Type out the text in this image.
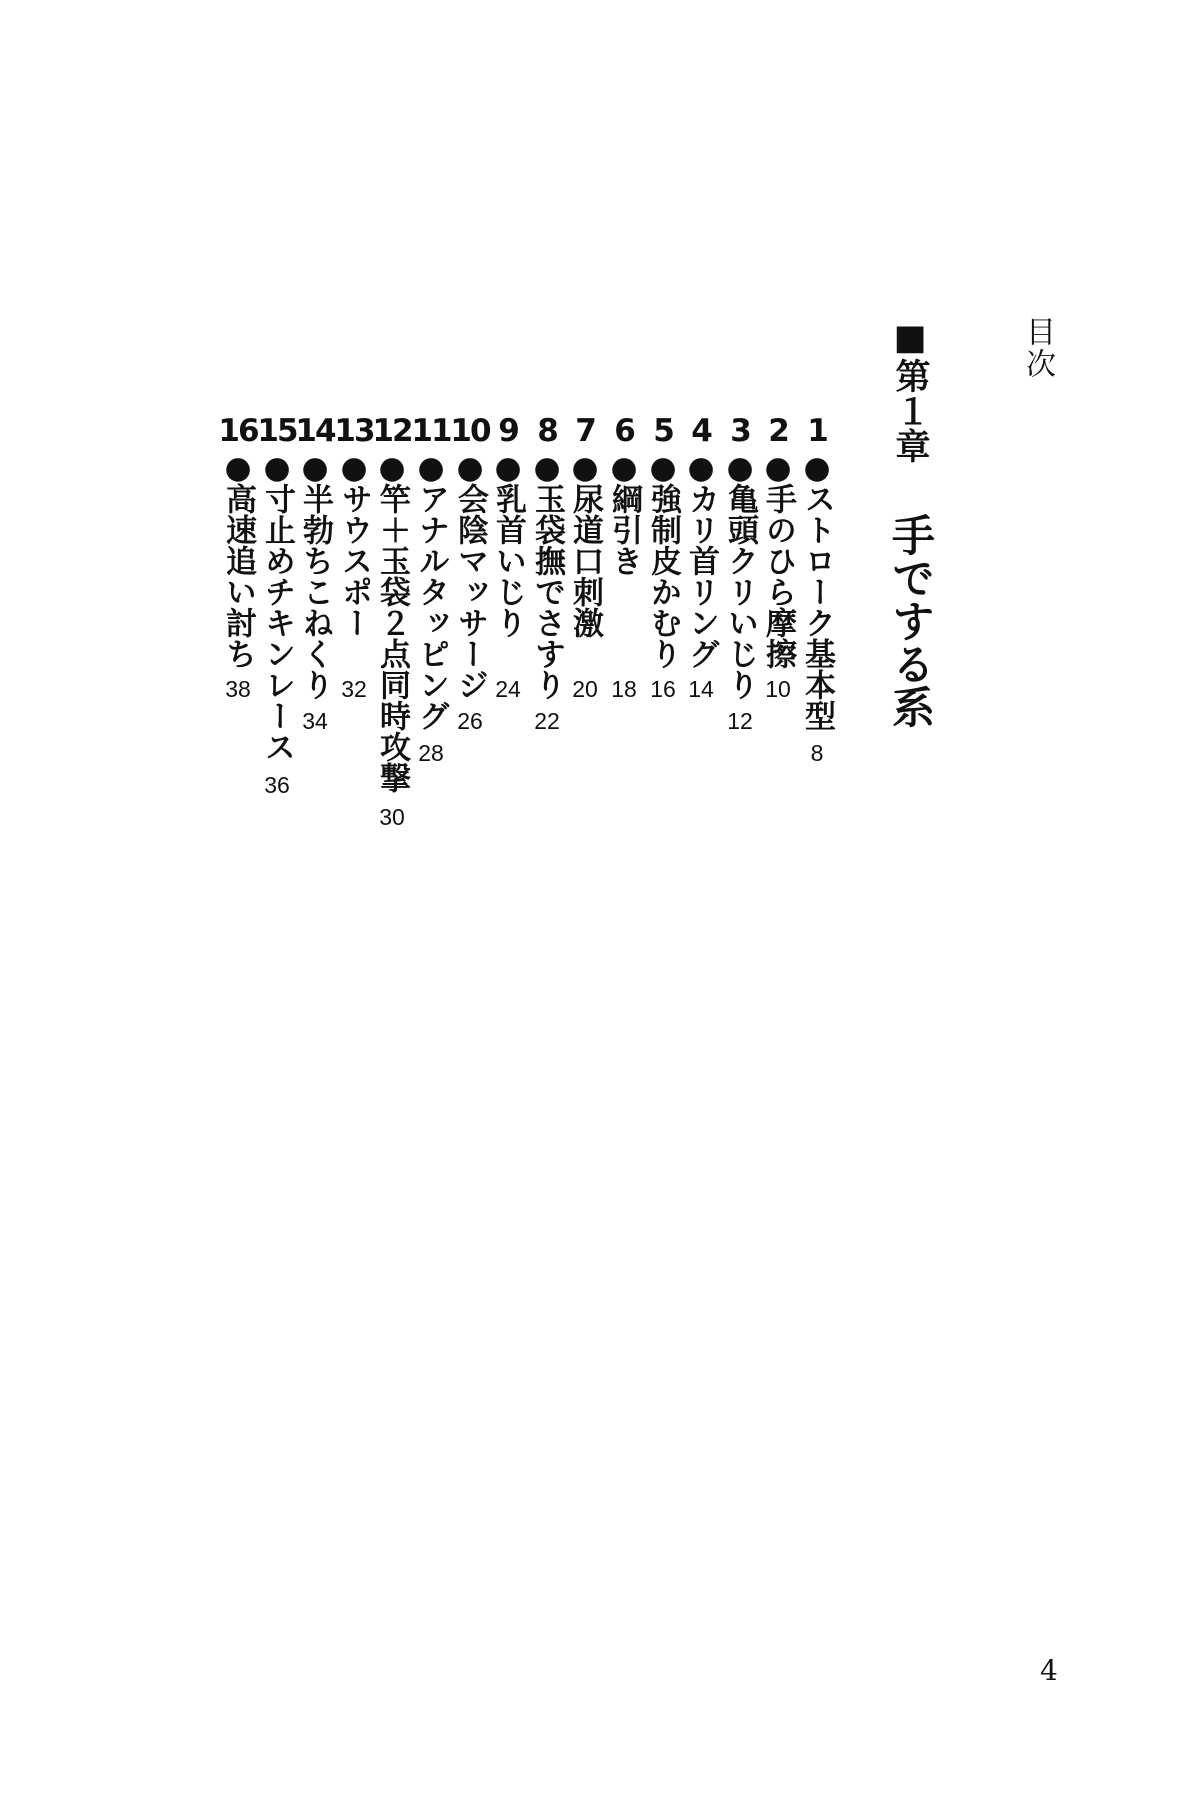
目次
■第１章手でする系
1
●ストローク基本型
8
2
●手のひら摩擦
10
3
●亀頭クリいじり
12
4
●カリ首リング
14
5
●強制皮かむり
16
6
●綱引き
18
7
●尿道口刺激
20
8
●玉袋撫でさすり
22
9
●乳首いじり
24
10
●会陰マッサージ
26
11
●アナルタッピング
28
12
●竿＋玉袋２点同時攻撃
30
13
●サウスポー
32
14
●半勃ちこねくり
34
15
●寸止めチキンレース
36
16
●高速追い討ち
38
4
